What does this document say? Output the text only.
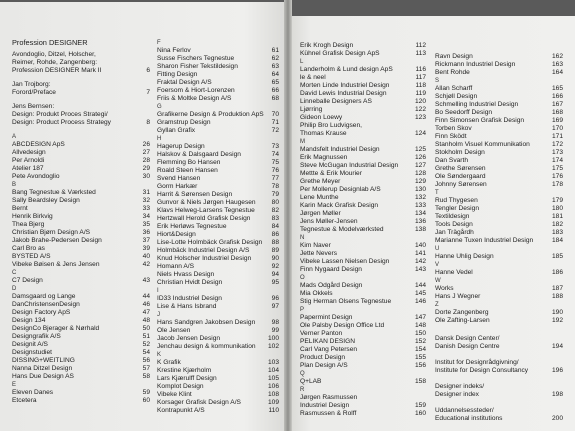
Profession DESIGNER
Avondoglio, Ditzel, Holscher,
Reimer, Rohde, Zangenberg:
Profession DESIGNER Mark II	6
Jan Trojborg:
Forord/Preface	7
Jens Bernsen:
Design: Produkt Proces Strategi/
Design: Product Process Strategy	8
A
ABCDESIGN ApS	26
Allvedesign	27
Per Arnoldi	28
Atelier 187	29
Pete Avondoglio	30
B
Bang Tegnestue & Værksted	31
Sally Beardsley Design	32
Bernt	33
Henrik Birkvig	34
Thea Bjerg	35
Christian Bjørn Design A/S	36
Jakob Brahe-Pedersen Design	37
Carl Bro as	39
BYSTED A/S	40
Vibeke Bøisen & Jens Jensen	42
C
C7 Design	43
D
Damsgaard og Lange	44
DanChristensenDesign	46
Design Factory ApS	47
Design 134	48
DesignCo Bjerager & Nørhald	50
Designgrafik A/S	51
Designit A/S	52
Designstudiet	54
DISSING+WEITLING	56
Nanna Ditzel Design	57
Hans Due Design AS	58
E
Eleven Danes	59
Etcetera	60
F
Nina Ferlov	61
Susse Fischers Tegnestue	62
Sharon Fisher Tekstildesign	63
Fitting Design	64
Fraktal Design A/S	65
Foersom & Hiort-Lorenzen	66
Friis & Moltke Design A/S	68
G
Grafikerne Design & Produktion ApS	70
Gramstrup Design	71
Gyllan Grafix	72
H
Hagerup Design	73
Halskov & Dalsgaard Design	74
Flemming Bo Hansen	75
Roald Steen Hansen	76
Svend Hansen	77
Gorm Harkær	78
Harrit & Sørensen Design	79
Gunvor & Niels Jørgen Haugesen	80
Klavs Helweg-Larsens Tegnestue	82
Hertzwall Herold Grafisk Design	83
Erik Herløws Tegnestue	84
Hiort&Design	86
Lise-Lotte Holmbäck Grafisk Design	88
Holmbäck Industriel Design A/S	89
Knud Holscher Industriel Design	90
Homann A/S	92
Niels Hvass Design	94
Christian Hvidt Design	95
I
ID33 Industriel Design	96
Lise & Hans Isbrand	97
J
Hans Sandgren Jakobsen Design	98
Ole Jensen	99
Jacob Jensen Design	100
Jenchau design & kommunikation	102
K
K Grafik	103
Krestine Kjærholm	104
Lars Kjærulff Design	105
Komplot Design	106
Vibeke Klint	108
Korsager Grafisk Design A/S	109
Kontrapunkt A/S	110
Erik Krogh Design	112
Kühnel Grafisk Design ApS	113
L
Landerholm & Lund design ApS	116
le & neel	117
Morten Linde Industriel Design	118
David Lewis Industrial Design	119
Linneballe Designers AS	120
Ljørring	122
Gideon Loewy	123
Philip Bro Ludvigsen,
Thomas Krause	124
M
Mandsfelt Industriel Design	125
Erik Magnussen	126
Steve McGugan Industrial Design	127
Mettte & Erik Mourier	128
Grethe Meyer	129
Per Mollerup Designlab A/S	130
Lene Munthe	132
Karin Mack Grafisk Design	133
Jørgen Møller	134
Jens Møller-Jensen	136
Tegnestue & Modelværksted	138
N
Kim Naver	140
Jette Nevers	141
Vibeke Lassen Nielsen Design	142
Finn Nygaard Design	143
O
Mads Odgård Design	144
Mia Okkels	145
Stig Herman Olsens Tegnestue	146
P
Papermint Design	147
Ole Palsby Design Office Ltd	148
Verner Panton	150
PELIKAN DESIGN	152
Carl Vang Petersen	154
Product Design	155
Plan Design A/S	156
Q
Q+LAB	158
R
Jørgen Rasmussen
Industriel Design	159
Rasmussen & Rolff	160
Ravn Design	162
Rickmann Industriel Design	163
Bent Rohde	164
S
Allan Scharff	165
Schjøll Design	166
Schmelling Industriel Design	167
Bo Seedorff Design	168
Finn Simonsen Grafisk Design	169
Torben Skov	170
Finn Sködt	171
Stanholm Visuel Kommunikation	172
Stokholm Design	173
Dan Svarth	174
Grethe Sørensen	175
Ole Søndergaard	176
Johnny Sørensen	178
T
Rud Thygesen	179
Tengler Design	180
Textildesign	181
Tools Design	182
Jan Trägårdh	183
Marianne Tuxen Industriel Design	184
U
Hanne Uhlig Design	185
V
Hanne Vedel	186
W
Works	187
Hans J Wegner	188
Z
Dorte Zangenberg	190
Ole Zafting-Larsen	192
Dansk Design Center/
Danish Design Centre	194
Institut for Designrådgivning/
Institute for Design Consultancy	196
Designer indeks/
Designer index	198
Uddannelsessteder/
Educational institutions	200
